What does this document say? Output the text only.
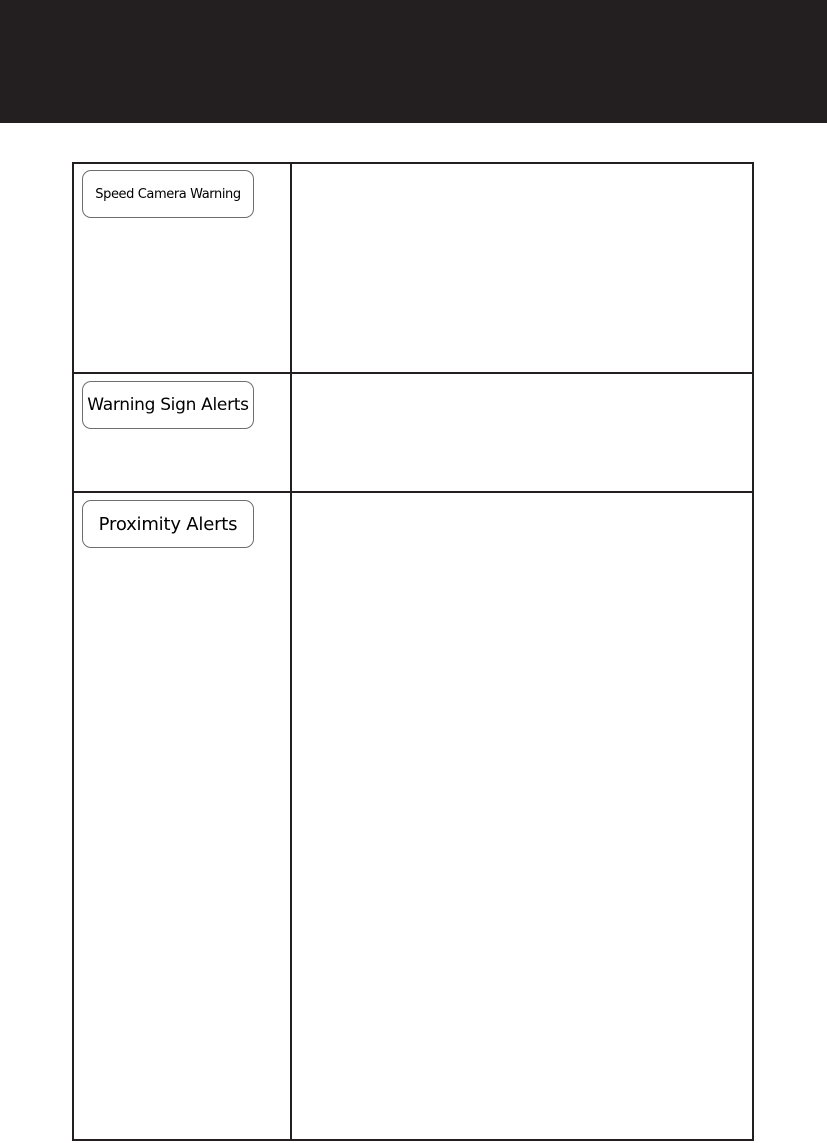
Speed Camera Warning
Warning Sign Alerts
Proximity Alerts
